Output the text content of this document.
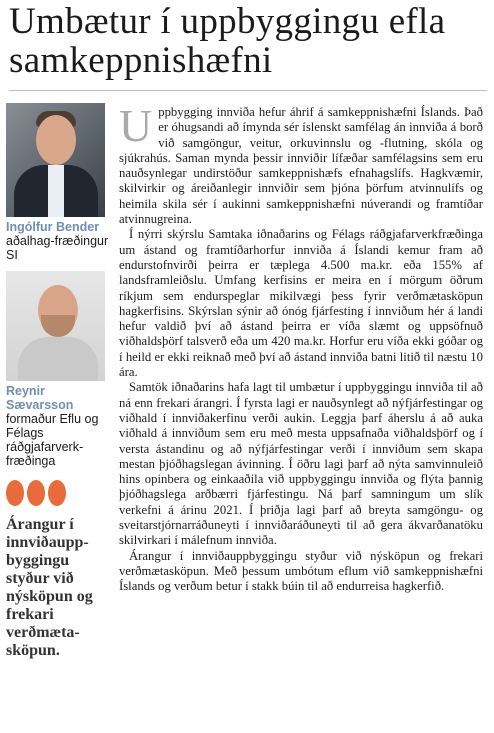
Umbætur í uppbyggingu efla samkeppnishæfni
Ingólfur Bender
aðalhag-fræðingur SI
Reynir Sævarsson
formaður Eflu og Félags ráðgjafarverk-fræðinga

Árangur í innviðaupp-byggingu styður við nýsköpun og frekari verðmæta-sköpun.

Uppbygging innviða hefur áhrif á samkeppnishæfni Íslands. Það er óhugsandi að ímynda sér íslenskt samfélag án innviða á borð við samgöngur, veitur, orkuvinnslu og -flutning, skóla og sjúkrahús. Saman mynda þessir innviðir lífæðar samfélagsins sem eru nauðsynlegar undirstöður samkeppnishæfs efnahagslífs. Hagkvæmir, skilvirkir og áreiðanlegir innviðir sem þjóna þörfum atvinnulífs og heimila skila sér í aukinni samkeppnishæfni núverandi og framtíðar atvinnugreina.

Í nýrri skýrslu Samtaka iðnaðarins og Félags ráðgjafarverkfræðinga um ástand og framtíðarhorfur innviða á Íslandi kemur fram að endurstofnvirði þeirra er tæplega 4.500 ma.kr. eða 155% af landsframleiðslu. Umfang kerfisins er meira en í mörgum öðrum ríkjum sem endurspeglar mikilvægi þess fyrir verðmætasköpun hagkerfisins. Skýrslan sýnir að ónóg fjárfesting í innviðum hér á landi hefur valdið því að ástand þeirra er víða slæmt og uppsöfnuð viðhaldsþörf talsverð eða um 420 ma.kr. Horfur eru víða ekki góðar og í heild er ekki reiknað með því að ástand innviða batni litið til næstu 10 ára.

Samtök iðnaðarins hafa lagt til umbætur í uppbyggingu innviða til að ná enn frekari árangri. Í fyrsta lagi er nauðsynlegt að nýfjárfestingar og viðhald í innviðakerfinu verði aukin. Leggja þarf áherslu á að auka viðhald á innviðum sem eru með mesta uppsafnaða viðhaldsþörf og í versta ástandinu og að nýfjárfestingar verði í innviðum sem skapa mestan þjóðhagslegan ávinning. Í öðru lagi þarf að nýta samvinnuleið hins opinbera og einkaaðila við uppbyggingu innviða og flýta þannig þjóðhagslega arðbærri fjárfestingu. Ná þarf samningum um slík verkefni á árinu 2021. Í þriðja lagi þarf að breyta samgöngu- og sveitarstjórnarráðuneyti í innviðaráðuneyti til að gera ákvarðanatöku skilvirkari í málefnum innviða.

Árangur í innviðauppbyggingu styður við nýsköpun og frekari verðmætasköpun. Með þessum umbótum eflum við samkeppnishæfni Íslands og verðum betur í stakk búin til að endurreisa hagkerfið.
